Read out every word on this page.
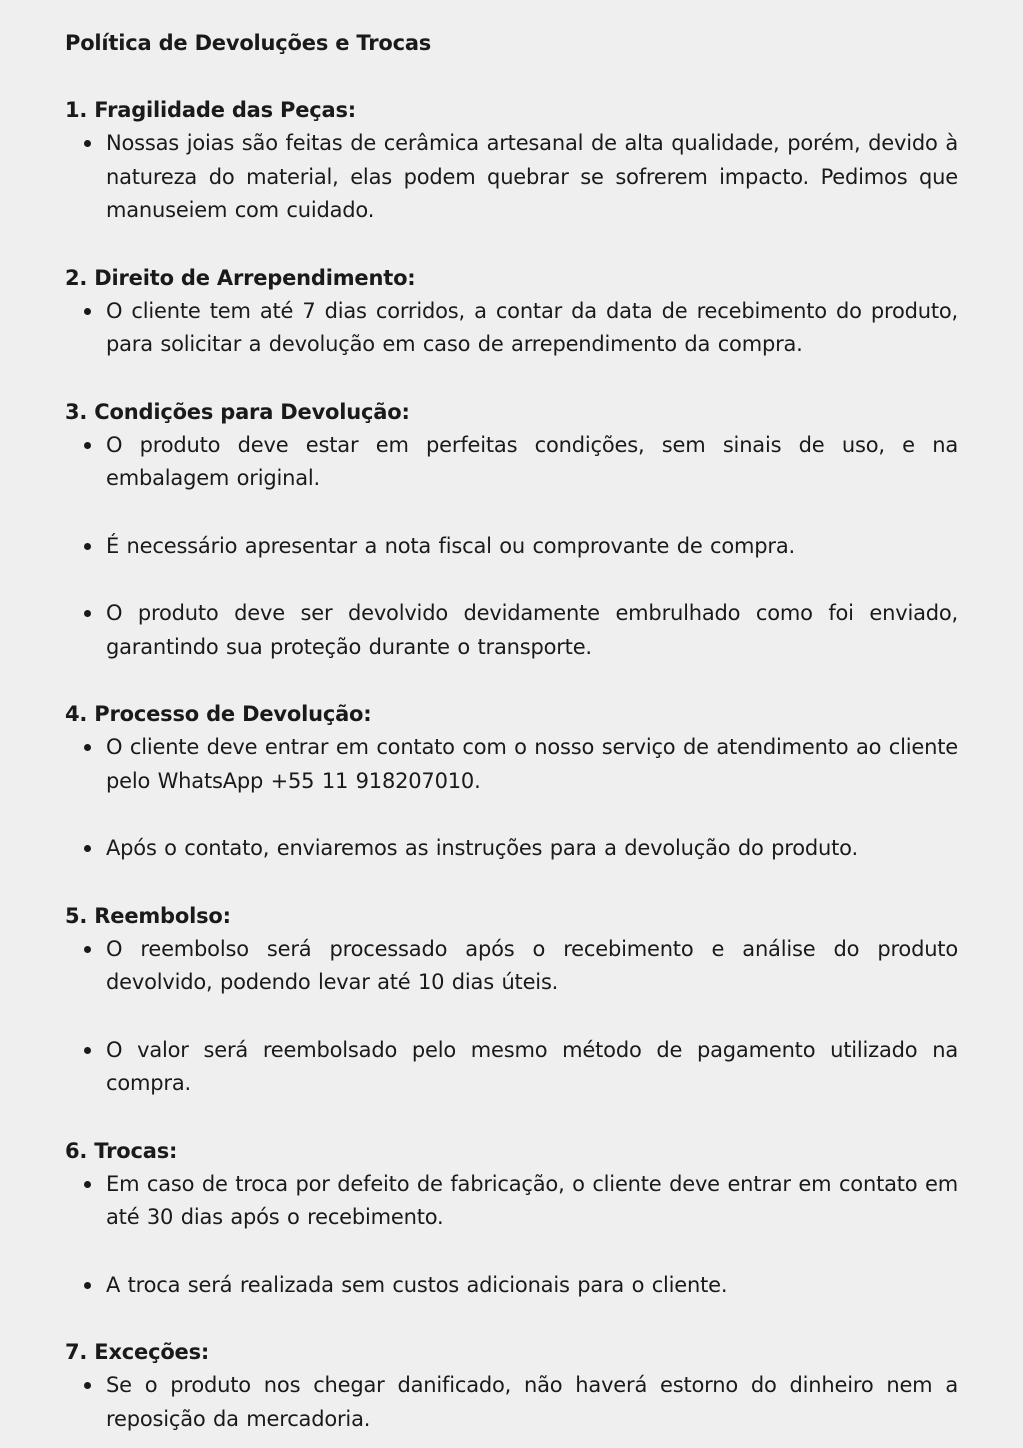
Política de Devoluções e Trocas
1. Fragilidade das Peças:
Nossas joias são feitas de cerâmica artesanal de alta qualidade, porém, devido à natureza do material, elas podem quebrar se sofrerem impacto. Pedimos que manuseiem com cuidado.
2. Direito de Arrependimento:
O cliente tem até 7 dias corridos, a contar da data de recebimento do produto, para solicitar a devolução em caso de arrependimento da compra.
3. Condições para Devolução:
O produto deve estar em perfeitas condições, sem sinais de uso, e na embalagem original.
É necessário apresentar a nota fiscal ou comprovante de compra.
O produto deve ser devolvido devidamente embrulhado como foi enviado, garantindo sua proteção durante o transporte.
4. Processo de Devolução:
O cliente deve entrar em contato com o nosso serviço de atendimento ao cliente pelo WhatsApp +55 11 918207010.
Após o contato, enviaremos as instruções para a devolução do produto.
5. Reembolso:
O reembolso será processado após o recebimento e análise do produto devolvido, podendo levar até 10 dias úteis.
O valor será reembolsado pelo mesmo método de pagamento utilizado na compra.
6. Trocas:
Em caso de troca por defeito de fabricação, o cliente deve entrar em contato em até 30 dias após o recebimento.
A troca será realizada sem custos adicionais para o cliente.
7. Exceções:
Se o produto nos chegar danificado, não haverá estorno do dinheiro nem a reposição da mercadoria.
